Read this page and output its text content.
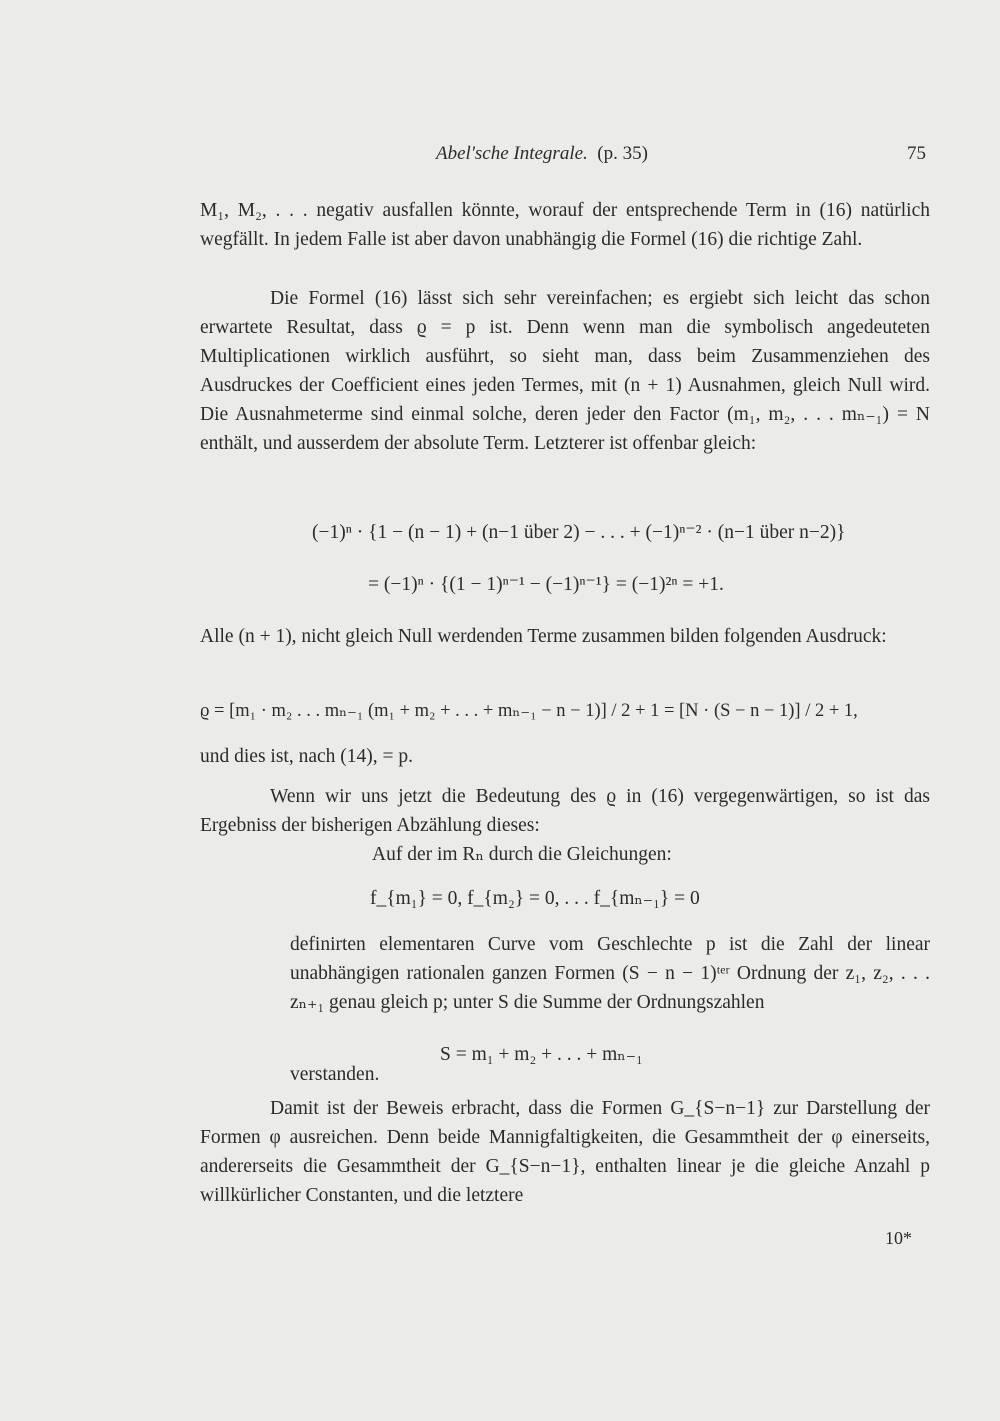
Abel'sche Integrale. (p. 35)	75
M₁, M₂, . . . negativ ausfallen könnte, worauf der entsprechende Term in (16) natürlich wegfällt. In jedem Falle ist aber davon unabhängig die Formel (16) die richtige Zahl.
Die Formel (16) lässt sich sehr vereinfachen; es ergiebt sich leicht das schon erwartete Resultat, dass ϱ = p ist. Denn wenn man die symbolisch angedeuteten Multiplicationen wirklich ausführt, so sieht man, dass beim Zusammenziehen des Ausdruckes der Coefficient eines jeden Termes, mit (n + 1) Ausnahmen, gleich Null wird. Die Ausnahmeterme sind einmal solche, deren jeder den Factor (m₁, m₂, . . . mₙ₋₁) = N enthält, und ausserdem der absolute Term. Letzterer ist offenbar gleich:
(−1)ⁿ · {1 − (n − 1) + (n−1 über 2) − . . . + (−1)ⁿ⁻² · (n−1 über n−2)}
= (−1)ⁿ · {(1 − 1)ⁿ⁻¹ − (−1)ⁿ⁻¹} = (−1)²ⁿ = +1.
Alle (n + 1), nicht gleich Null werdenden Terme zusammen bilden folgenden Ausdruck:
ϱ = [m₁ · m₂ . . . mₙ₋₁ (m₁ + m₂ + . . . + mₙ₋₁ − n − 1)] / 2 + 1 = [N · (S − n − 1)] / 2 + 1,
und dies ist, nach (14), = p.
Wenn wir uns jetzt die Bedeutung des ϱ in (16) vergegenwärtigen, so ist das Ergebniss der bisherigen Abzählung dieses:
Auf der im Rₙ durch die Gleichungen:
f_{m₁} = 0, f_{m₂} = 0, . . . f_{mₙ₋₁} = 0
definirten elementaren Curve vom Geschlechte p ist die Zahl der linear unabhängigen rationalen ganzen Formen (S − n − 1)ᵗᵉʳ Ordnung der z₁, z₂, . . . zₙ₊₁ genau gleich p; unter S die Summe der Ordnungszahlen
S = m₁ + m₂ + . . . + mₙ₋₁
verstanden.
Damit ist der Beweis erbracht, dass die Formen G_{S−n−1} zur Darstellung der Formen φ ausreichen. Denn beide Mannigfaltigkeiten, die Gesammtheit der φ einerseits, andererseits die Gesammtheit der G_{S−n−1}, enthalten linear je die gleiche Anzahl p willkürlicher Constanten, und die letztere
10*
